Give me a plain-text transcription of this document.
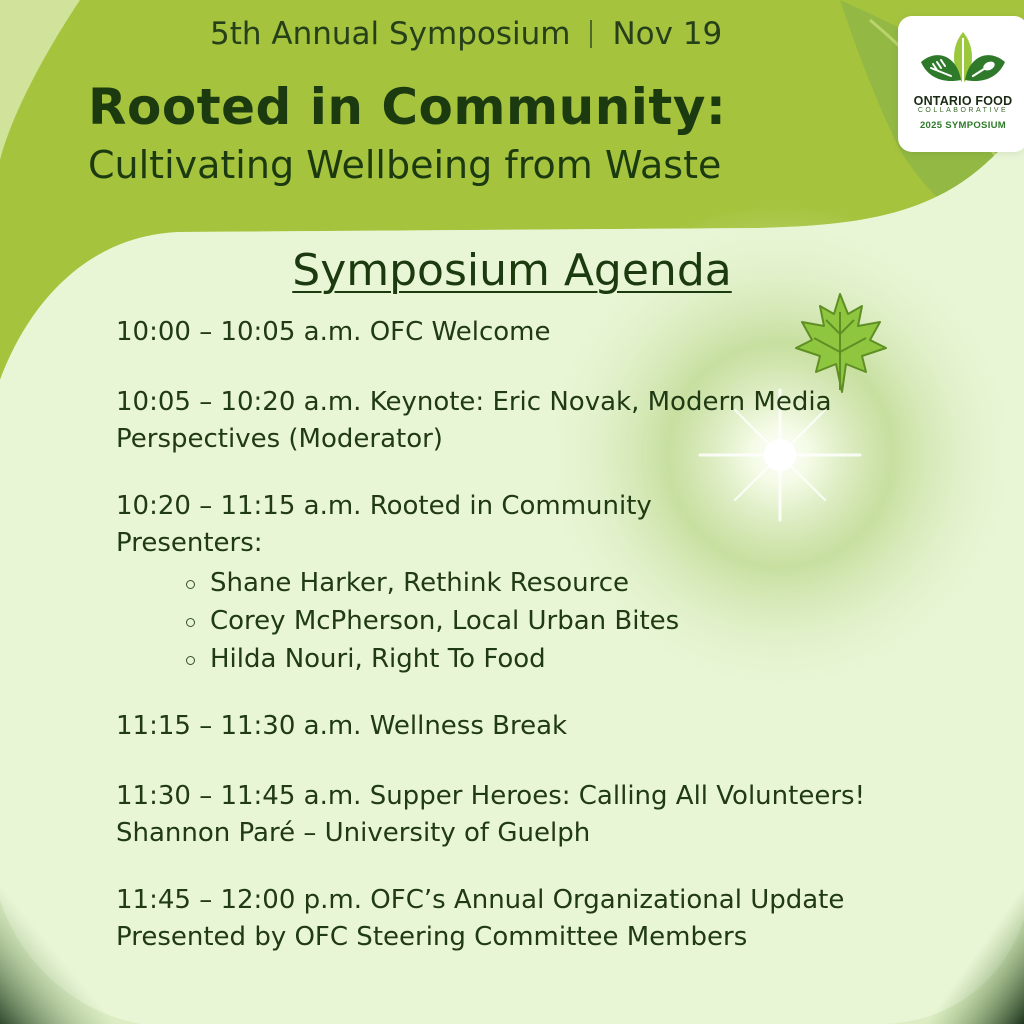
5th Annual Symposium Nov 19
Rooted in Community:
Cultivating Wellbeing from Waste
ONTARIO FOOD
COLLABORATIVE
2025 SYMPOSIUM
Symposium Agenda
10:00 – 10:05 a.m. OFC Welcome
10:05 – 10:20 a.m. Keynote: Eric Novak, Modern Media
Perspectives (Moderator)
10:20 – 11:15 a.m. Rooted in Community
Presenters:
Shane Harker, Rethink Resource
Corey McPherson, Local Urban Bites
Hilda Nouri, Right To Food
11:15 – 11:30 a.m. Wellness Break
11:30 – 11:45 a.m. Supper Heroes: Calling All Volunteers!
Shannon Paré – University of Guelph
11:45 – 12:00 p.m. OFC’s Annual Organizational Update
Presented by OFC Steering Committee Members
